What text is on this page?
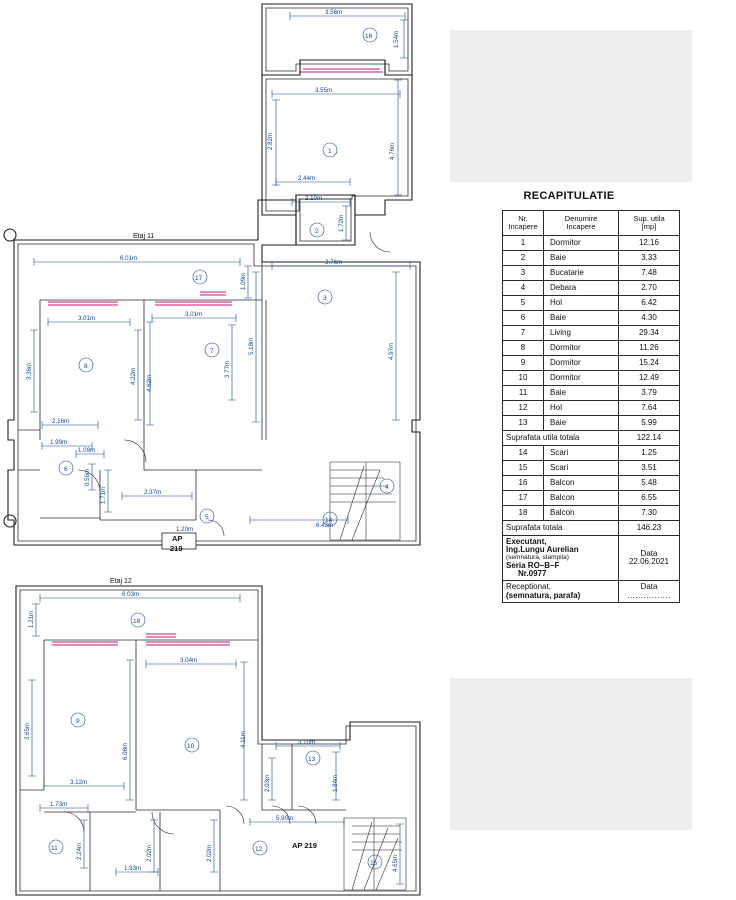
AP
219
Etaj 11
16
1
2
3
17
7
8
6
5
4
14
3.56m
1.54m
3.55m
2.82m
2.44m
4.76m
2.10m
1.72m
6.01m
1.09m
3.76m
3.01m
3.01m
3.36m	4.22m 4.62m
3.77m
5.18m	4.97m
2.16m
1.99m
1.09m
0.56m
1.71m	2.37m
6.43m
1.20m
AP 219
Etaj 12
18
9
10
13
11	12
15
6.03m
1.21m
3.04m
3.65m
6.08m
4.11m	3.10m
2.03m	1.84m
3.12m
1.73m
2.24m	2.02m	2.02m
1.93m
5.90m
4.65m
RECAPITULATIE
Nr.
Incapere

Denumire
Incapere

Sup. utila
[mp]

1	Dormitor	12.16
2	Baie	3.33
3	Bucatarie	7.48
4	Debara	2.70
5	Hol	6.42
6	Baie	4.30
7	Living	29.34
8	Dormitor	11.26
9	Dormitor	15.24
10	Dormitor	12.49
11	Baie	3.79
12	Hol	7.64
13	Baie	5.99
Suprafata utila totala		122.14
14	Scari	1.25
15	Scari	3.51
16	Balcon	5.48
17	Balcon	6.55
18	Balcon	7.30
Suprafata totala		146.23

Executant,
Ing.Lungu Aurelian
(semnatura, stampila)
Seria RO–B–F
Nr.0977

Data
22.06.2021

Receptionat,
(semnatura, parafa)

Data
................
